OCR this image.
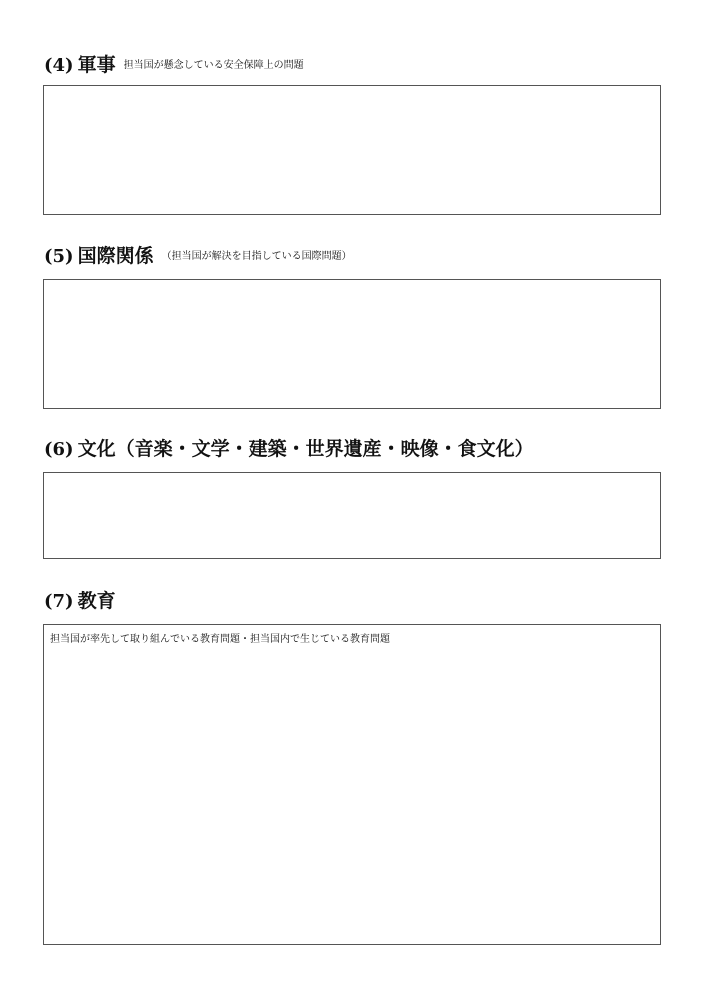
(4) 軍事 担当国が懸念している安全保障上の問題
(5) 国際関係 （担当国が解決を目指している国際問題）
(6) 文化（音楽・文学・建築・世界遺産・映像・食文化）
(7) 教育
担当国が率先して取り組んでいる教育問題・担当国内で生じている教育問題
